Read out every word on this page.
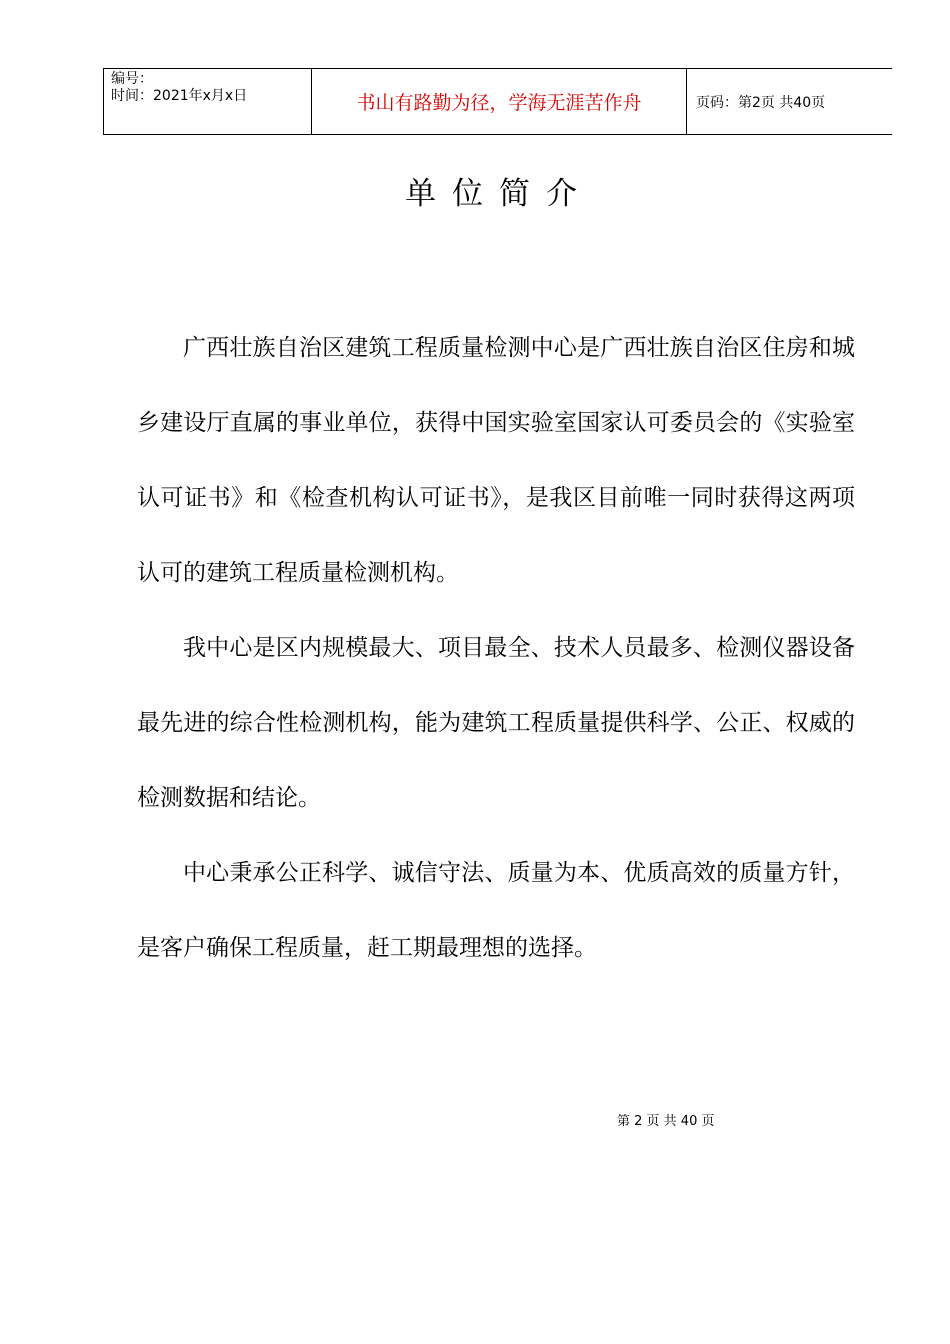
编号：
时间：2021年x月x日	书山有路勤为径，学海无涯苦作舟	页码：第2页 共40页
单位简介

广西壮族自治区建筑工程质量检测中心是广西壮族自治区住房和城乡建设厅直属的事业单位，获得中国实验室国家认可委员会的《实验室认可证书》和《检查机构认可证书》，是我区目前唯一同时获得这两项认可的建筑工程质量检测机构。

我中心是区内规模最大、项目最全、技术人员最多、检测仪器设备最先进的综合性检测机构，能为建筑工程质量提供科学、公正、权威的检测数据和结论。

中心秉承公正科学、诚信守法、质量为本、优质高效的质量方针，是客户确保工程质量，赶工期最理想的选择。

第 2 页 共 40 页
